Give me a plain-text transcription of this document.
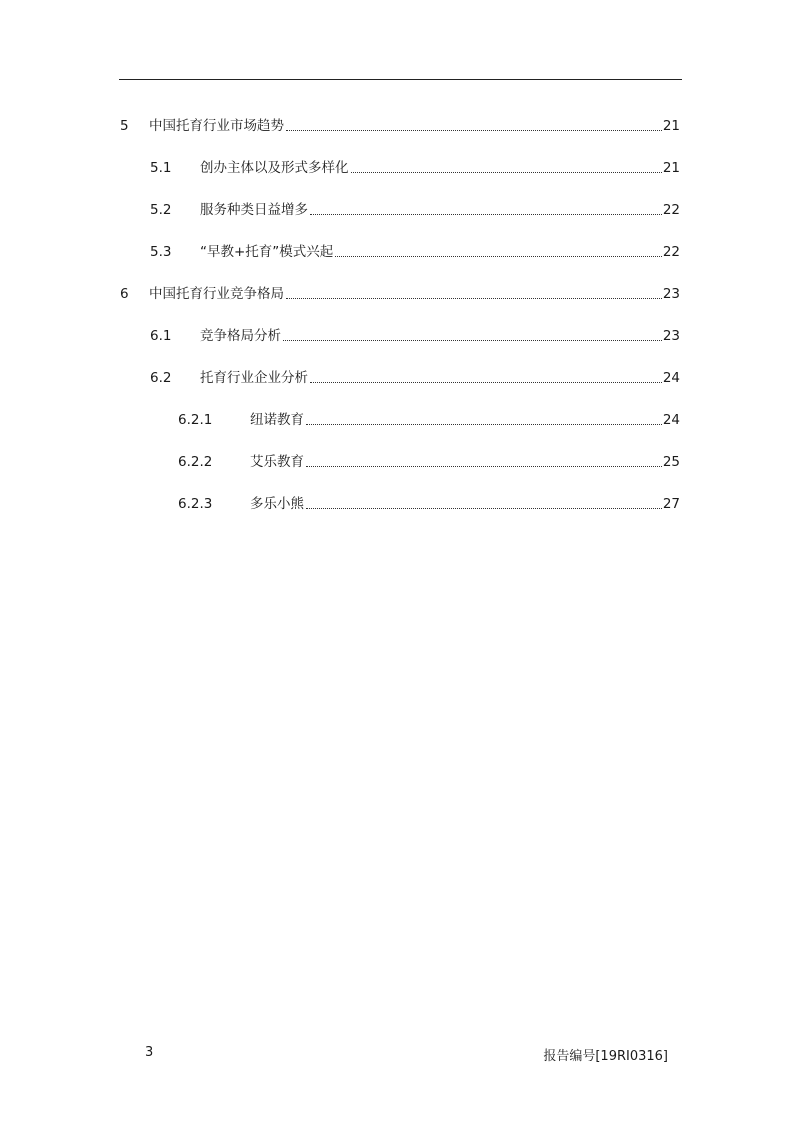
5	中国托育行业市场趋势	21
5.1	创办主体以及形式多样化	21
5.2	服务种类日益增多	22
5.3	“早教+托育”模式兴起	22
6	中国托育行业竞争格局	23
6.1	竞争格局分析	23
6.2	托育行业企业分析	24
6.2.1	纽诺教育	24
6.2.2	艾乐教育	25
6.2.3	多乐小熊	27
3	报告编号[19RI0316]
